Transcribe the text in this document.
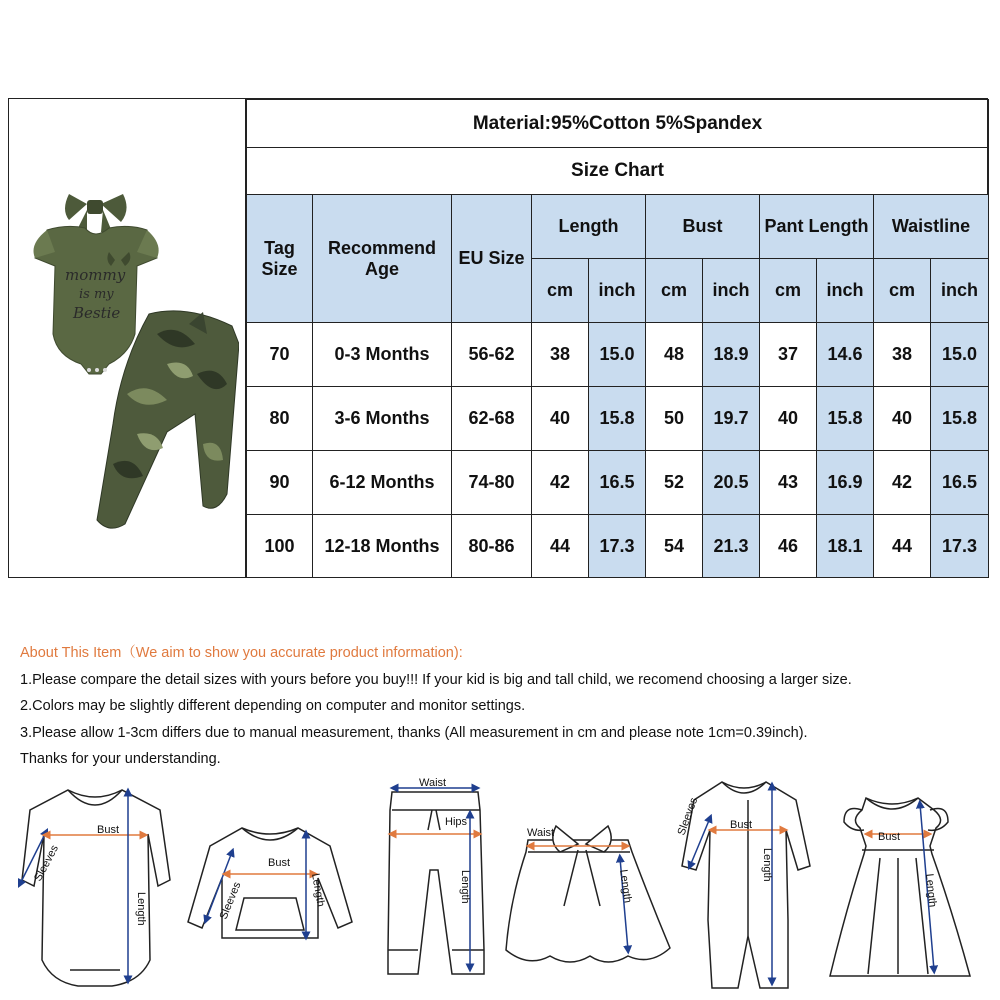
mommy
is my
Bestie
Material:95%Cotton 5%Spandex										
Size Chart										
Tag Size	Recommend Age	EU Size	Length		Bust		Pant Length		Waistline	
			cm	inch	cm	inch	cm	inch	cm	inch
70	0-3 Months	56-62	38	15.0	48	18.9	37	14.6	38	15.0
80	3-6 Months	62-68	40	15.8	50	19.7	40	15.8	40	15.8
90	6-12 Months	74-80	42	16.5	52	20.5	43	16.9	42	16.5
100	12-18 Months	80-86	44	17.3	54	21.3	46	18.1	44	17.3
About This Item（We aim to show you accurate product information):
1.Please compare the detail sizes with yours before you buy!!! If your kid is big and tall child, we recomend choosing a larger size.
2.Colors may be slightly different depending on computer and monitor settings.
3.Please allow 1-3cm differs due to manual measurement, thanks (All measurement in cm and please note 1cm=0.39inch).
Thanks for your understanding.
Bust
Length
Sleeves	Bust
Length
Sleeves
Waist
Hips
Length
Waist
Length
Bust
Length
Sleeves	Bust
Length
